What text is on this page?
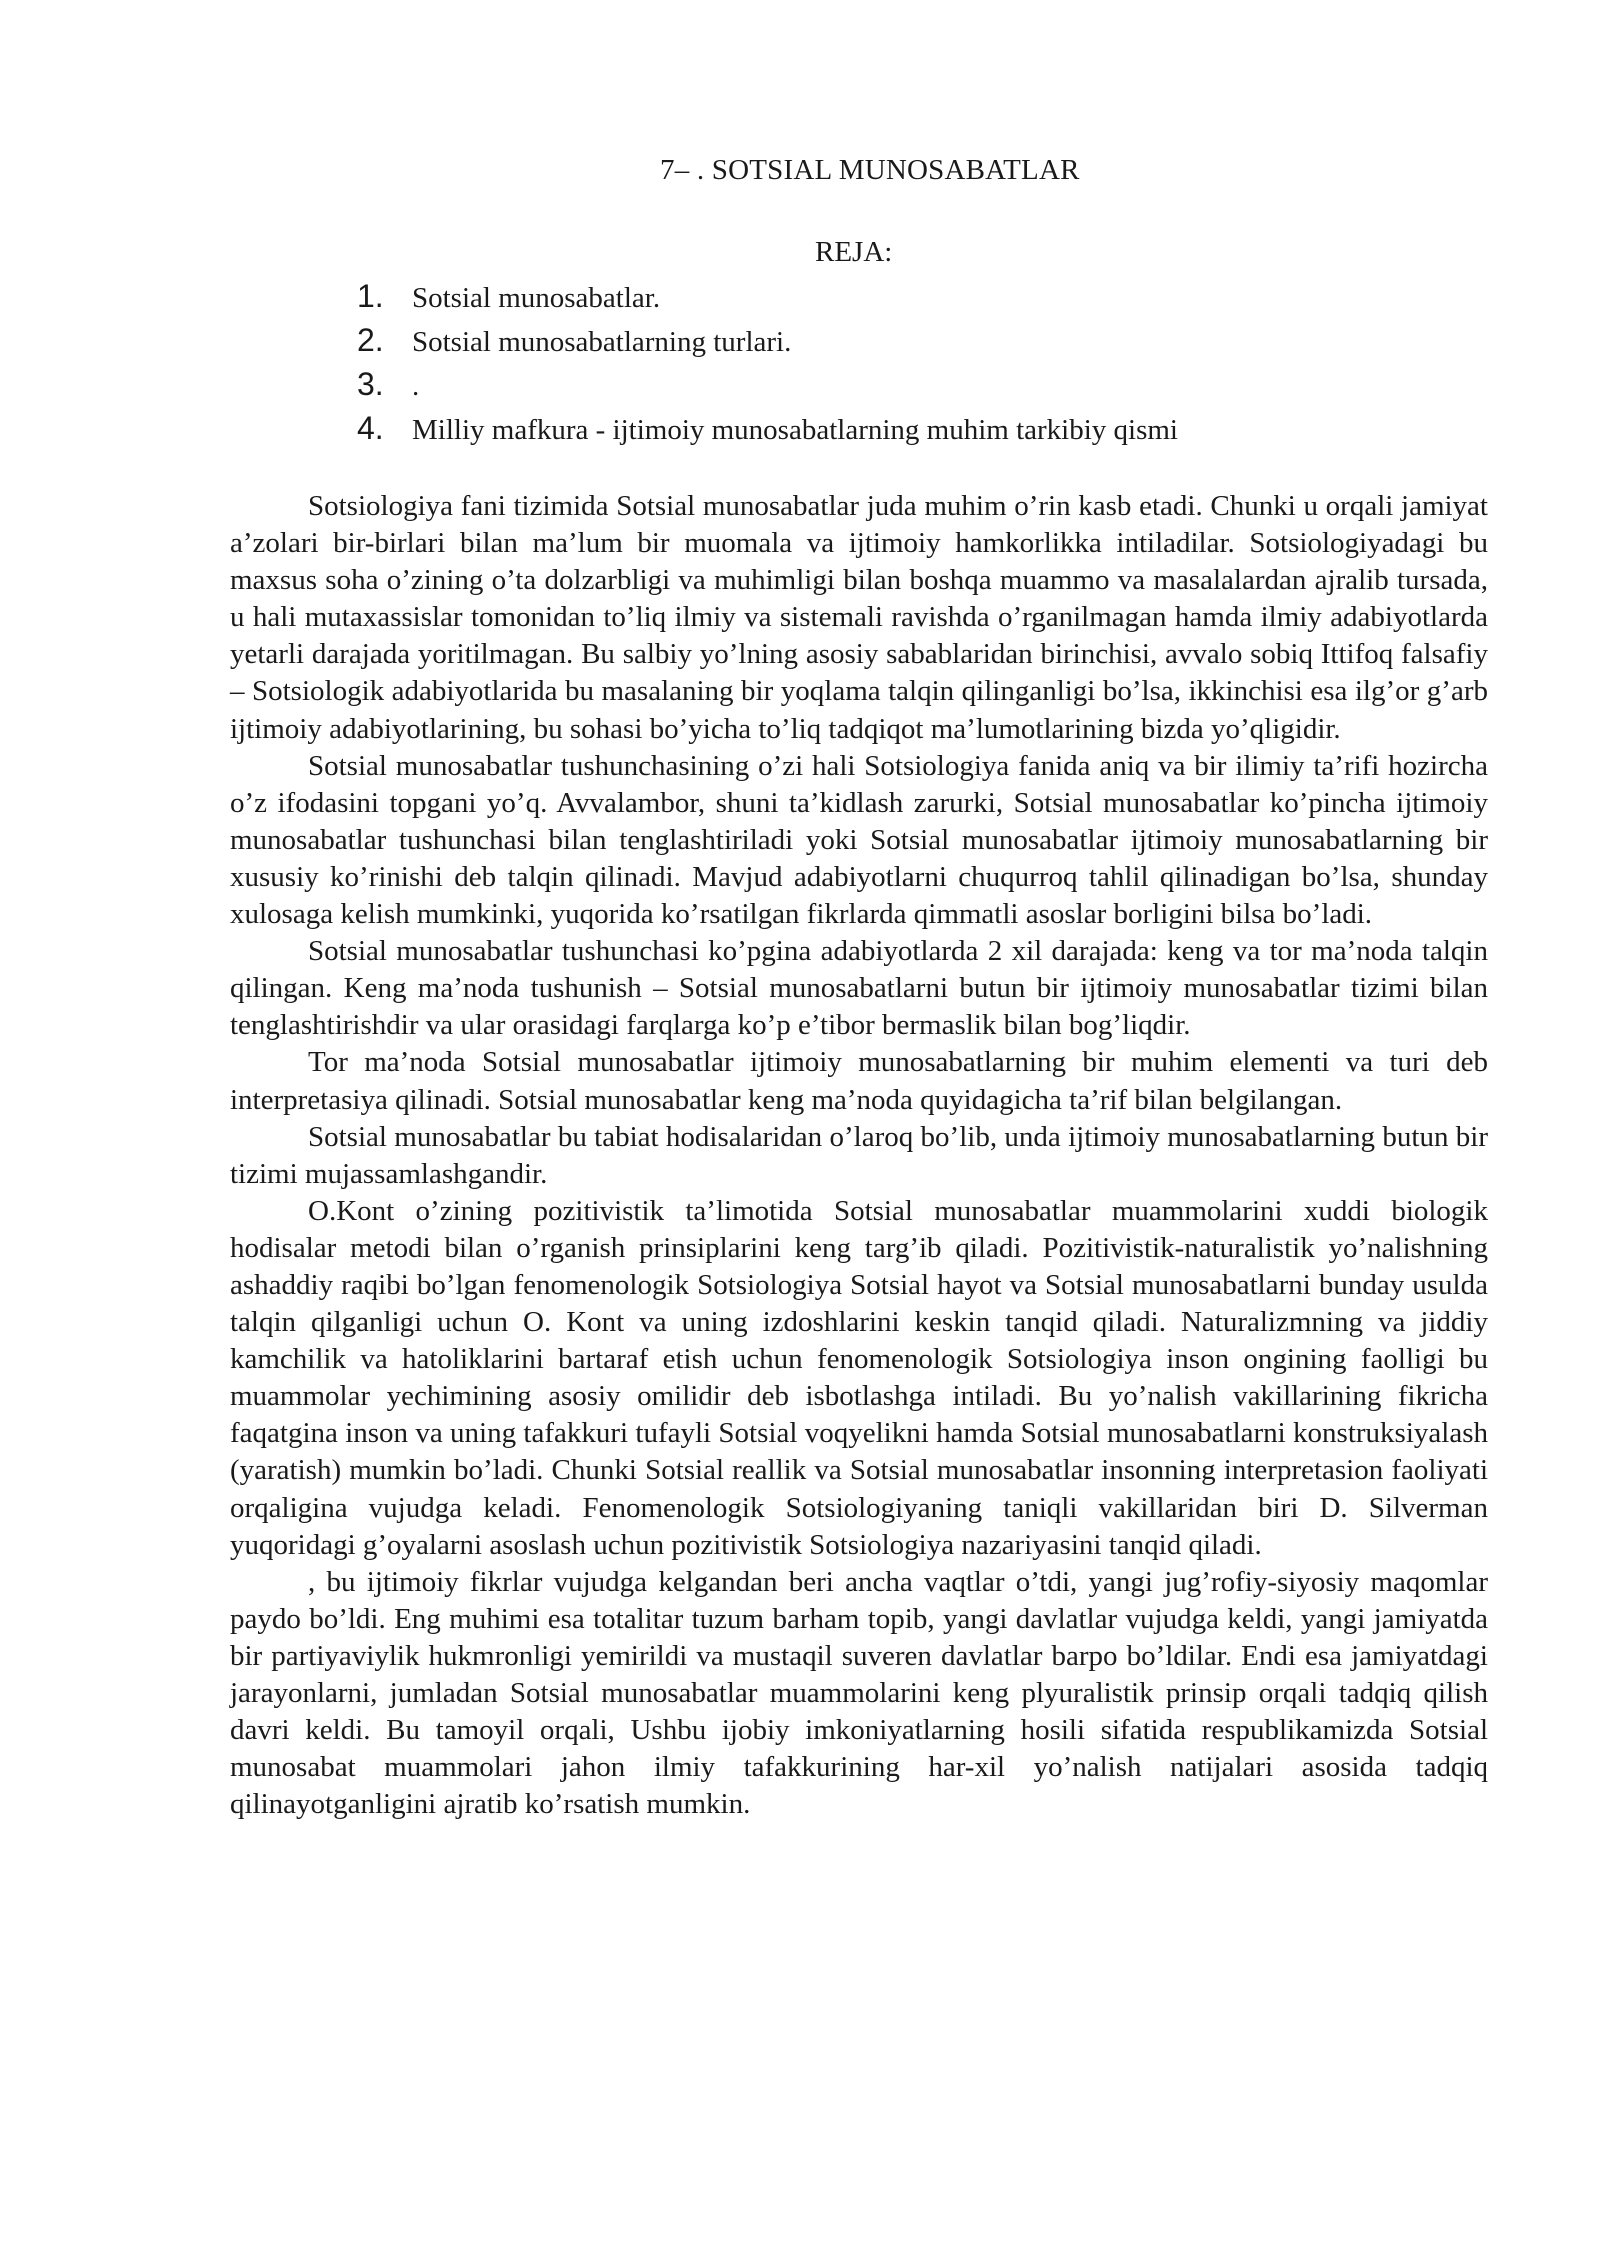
7– . SOTSIAL MUNOSABATLAR
REJA:
1. Sotsial munosabatlar.
2. Sotsial munosabatlarning turlari.
3. .
4. Milliy mafkura - ijtimoiy munosabatlarning muhim tarkibiy qismi

Sotsiologiya fani tizimida Sotsial munosabatlar juda muhim o’rin kasb etadi. Chunki u orqali jamiyat a’zolari bir-birlari bilan ma’lum bir muomala va ijtimoiy hamkorlikka intiladilar. Sotsiologiyadagi bu maxsus soha o’zining o’ta dolzarbligi va muhimligi bilan boshqa muammo va masalalardan ajralib tursada, u hali mutaxassislar tomonidan to’liq ilmiy va sistemali ravishda o’rganilmagan hamda ilmiy adabiyotlarda yetarli darajada yoritilmagan. Bu salbiy yo’lning asosiy sabablaridan birinchisi, avvalo sobiq Ittifoq falsafiy – Sotsiologik adabiyotlarida bu masalaning bir yoqlama talqin qilinganligi bo’lsa, ikkinchisi esa ilg’or g’arb ijtimoiy adabiyotlarining, bu sohasi bo’yicha to’liq tadqiqot ma’lumotlarining bizda yo’qligidir.

Sotsial munosabatlar tushunchasining o’zi hali Sotsiologiya fanida aniq va bir ilimiy ta’rifi hozircha o’z ifodasini topgani yo’q. Avvalambor, shuni ta’kidlash zarurki, Sotsial munosabatlar ko’pincha ijtimoiy munosabatlar tushunchasi bilan tenglashtiriladi yoki Sotsial munosabatlar ijtimoiy munosabatlarning bir xususiy ko’rinishi deb talqin qilinadi. Mavjud adabiyotlarni chuqurroq tahlil qilinadigan bo’lsa, shunday xulosaga kelish mumkinki, yuqorida ko’rsatilgan fikrlarda qimmatli asoslar borligini bilsa bo’ladi.

Sotsial munosabatlar tushunchasi ko’pgina adabiyotlarda 2 xil darajada: keng va tor ma’noda talqin qilingan. Keng ma’noda tushunish – Sotsial munosabatlarni butun bir ijtimoiy munosabatlar tizimi bilan tenglashtirishdir va ular orasidagi farqlarga ko’p e’tibor bermaslik bilan bog’liqdir.

Tor ma’noda Sotsial munosabatlar ijtimoiy munosabatlarning bir muhim elementi va turi deb interpretasiya qilinadi. Sotsial munosabatlar keng ma’noda quyidagicha ta’rif bilan belgilangan.

Sotsial munosabatlar bu tabiat hodisalaridan o’laroq bo’lib, unda ijtimoiy munosabatlarning butun bir tizimi mujassamlashgandir.

O.Kont o’zining pozitivistik ta’limotida Sotsial munosabatlar muammolarini xuddi biologik hodisalar metodi bilan o’rganish prinsiplarini keng targ’ib qiladi. Pozitivistik-naturalistik yo’nalishning ashaddiy raqibi bo’lgan fenomenologik Sotsiologiya Sotsial hayot va Sotsial munosabatlarni bunday usulda talqin qilganligi uchun O. Kont va uning izdoshlarini keskin tanqid qiladi. Naturalizmning va jiddiy kamchilik va hatoliklarini bartaraf etish uchun fenomenologik Sotsiologiya inson ongining faolligi bu muammolar yechimining asosiy omilidir deb isbotlashga intiladi. Bu yo’nalish vakillarining fikricha faqatgina inson va uning tafakkuri tufayli Sotsial voqyelikni hamda Sotsial munosabatlarni konstruksiyalash (yaratish) mumkin bo’ladi. Chunki Sotsial reallik va Sotsial munosabatlar insonning interpretasion faoliyati orqaligina vujudga keladi. Fenomenologik Sotsiologiyaning taniqli vakillaridan biri D. Silverman yuqoridagi g’oyalarni asoslash uchun pozitivistik Sotsiologiya nazariyasini tanqid qiladi.

, bu ijtimoiy fikrlar vujudga kelgandan beri ancha vaqtlar o’tdi, yangi jug’rofiy-siyosiy maqomlar paydo bo’ldi. Eng muhimi esa totalitar tuzum barham topib, yangi davlatlar vujudga keldi, yangi jamiyatda bir partiyaviylik hukmronligi yemirildi va mustaqil suveren davlatlar barpo bo’ldilar. Endi esa jamiyatdagi jarayonlarni, jumladan Sotsial munosabatlar muammolarini keng plyuralistik prinsip orqali tadqiq qilish davri keldi. Bu tamoyil orqali, Ushbu ijobiy imkoniyatlarning hosili sifatida respublikamizda Sotsial munosabat muammolari jahon ilmiy tafakkurining har-xil yo’nalish natijalari asosida tadqiq qilinayotganligini ajratib ko’rsatish mumkin.
